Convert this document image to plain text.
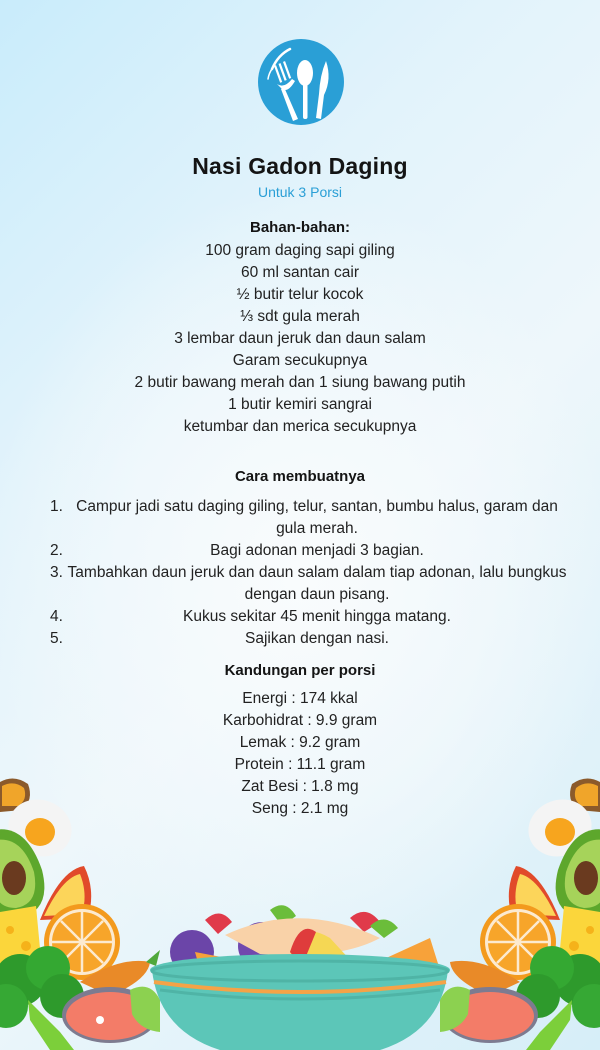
Nasi Gadon Daging
Untuk 3 Porsi
Bahan-bahan:
100 gram daging sapi giling
60 ml santan cair
½ butir telur kocok
⅓ sdt gula merah
3 lembar daun jeruk dan daun salam
Garam secukupnya
2 butir bawang merah dan 1 siung bawang putih
1 butir kemiri sangrai
ketumbar dan merica secukupnya
Cara membuatnya
1. Campur jadi satu daging giling, telur, santan, bumbu halus, garam dan gula merah.
2.	Bagi adonan menjadi 3 bagian.
3. Tambahkan daun jeruk dan daun salam dalam tiap adonan, lalu bungkus dengan daun pisang.
4.	Kukus sekitar 45 menit hingga matang.
5.	Sajikan dengan nasi.
Kandungan per porsi
Energi : 174 kkal
Karbohidrat : 9.9 gram
Lemak : 9.2 gram
Protein : 11.1 gram
Zat Besi : 1.8 mg
Seng : 2.1 mg
